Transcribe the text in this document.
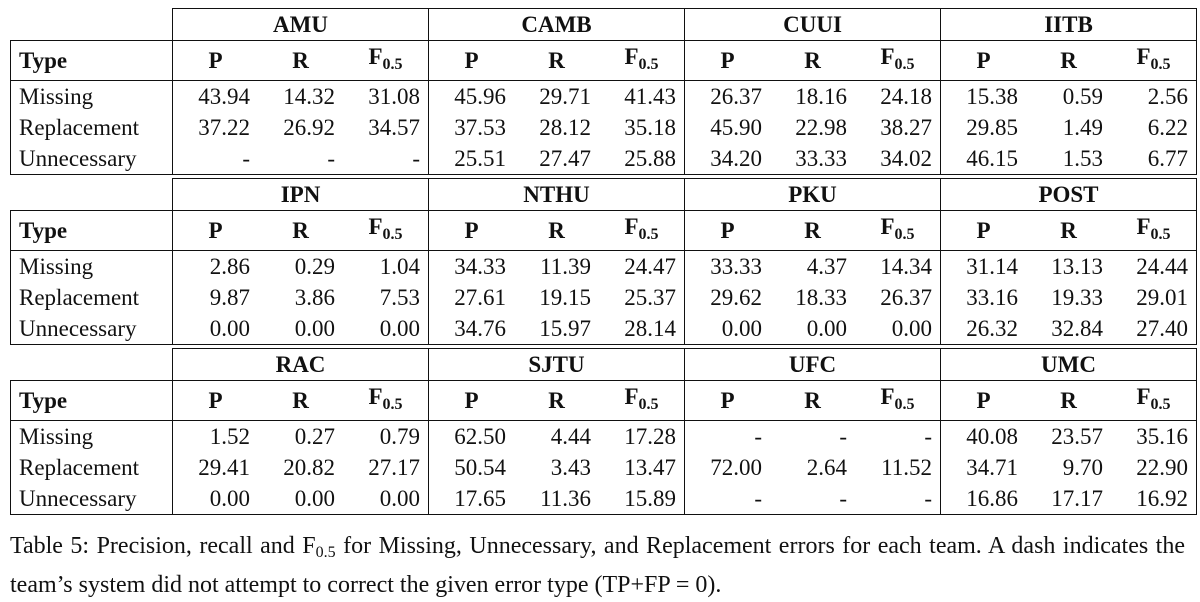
	AMU			CAMB			CUUI			IITB		
Type	P	R	$F_{0.5}$	P	R	$F_{0.5}$	P	R	$F_{0.5}$	P	R	$F_{0.5}$
Missing	43.94	14.32	31.08	45.96	29.71	41.43	26.37	18.16	24.18	15.38	0.59	2.56
Replacement	37.22	26.92	34.57	37.53	28.12	35.18	45.90	22.98	38.27	29.85	1.49	6.22
Unnecessary	-	-	-	25.51	27.47	25.88	34.20	33.33	34.02	46.15	1.53	6.77
	IPN			NTHU			PKU			POST		
Type	P	R	$F_{0.5}$	P	R	$F_{0.5}$	P	R	$F_{0.5}$	P	R	$F_{0.5}$
Missing	2.86	0.29	1.04	34.33	11.39	24.47	33.33	4.37	14.34	31.14	13.13	24.44
Replacement	9.87	3.86	7.53	27.61	19.15	25.37	29.62	18.33	26.37	33.16	19.33	29.01
Unnecessary	0.00	0.00	0.00	34.76	15.97	28.14	0.00	0.00	0.00	26.32	32.84	27.40
	RAC			SJTU			UFC			UMC		
Type	P	R	$F_{0.5}$	P	R	$F_{0.5}$	P	R	$F_{0.5}$	P	R	$F_{0.5}$
Missing	1.52	0.27	0.79	62.50	4.44	17.28	-	-	-	40.08	23.57	35.16
Replacement	29.41	20.82	27.17	50.54	3.43	13.47	72.00	2.64	11.52	34.71	9.70	22.90
Unnecessary	0.00	0.00	0.00	17.65	11.36	15.89	-	-	-	16.86	17.17	16.92

Table 5: Precision, recall and F0.5 for Missing, Unnecessary, and Replacement errors for each team. A dash indicates the team’s system did not attempt to correct the given error type (TP+FP = 0).
